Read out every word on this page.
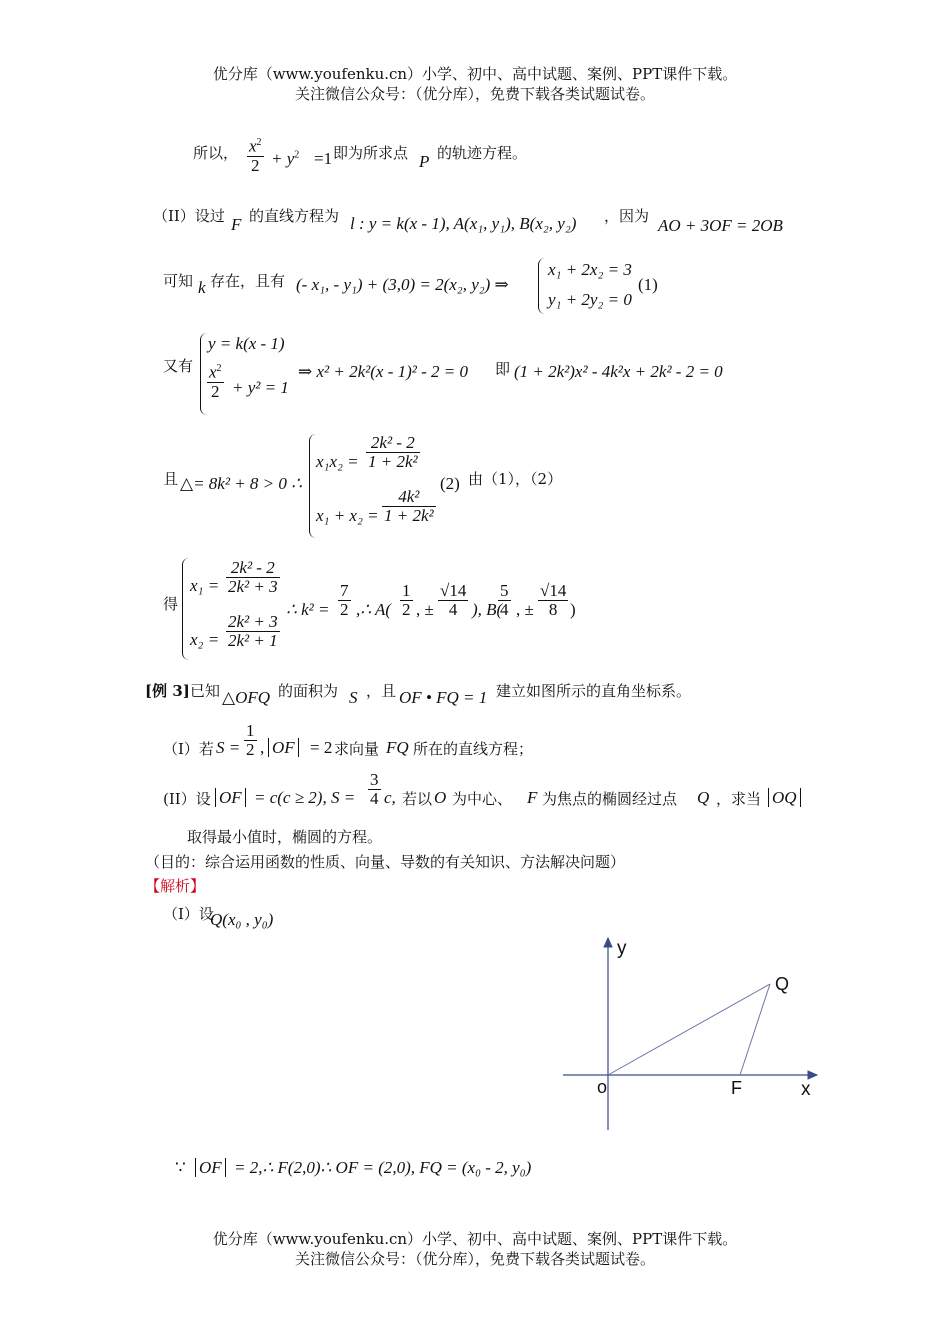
优分库（www.youfenku.cn）小学、初中、高中试题、案例、PPT课件下载。
关注微信公众号：（优分库），免费下载各类试题试卷。
所以， $\frac{x^2}{2} + y^2 =1$ 即为所求点 P 的轨迹方程。
（II）设过 F 的直线方程为 l : y = k(x - 1), A(x₁, y₁), B(x₂, y₂) ，因为 AO + 3OF = 2OB
可知 k 存在，且有 (- x₁, - y₁) + (3,0) = 2(x₂, y₂) ⇒
x₁ + 2x₂ = 3
y₁ + 2y₂ = 0
(1)
又有
y = k(x - 1)
$\frac{x^2}{2} + y^2 = 1$
⇒ x² + 2k²(x - 1)² - 2 = 0 即 (1 + 2k²)x² - 4k²x + 2k² - 2 = 0
且 △= 8k² + 8 > 0 ∴
$x_1x_2 = \frac{\text{2k² - 2}}{\text{1 + 2k²}}$
$x_1 + x_2 = \frac{\text{4k²}}{\text{1 + 2k²}}$
(2) 由（1），（2）
得
$x_1 = \frac{\text{2k² - 2}}{\text{2k² + 3}}$
$x_2 = \frac{\text{2k² + 3}}{\text{2k² + 1}}$
∴ $k^2 = \frac{7}{2}$ ,∴ $A( \frac{1}{2}$ , ± $\frac{√14}{4}$ ), B(
$\frac{5}{4}$ , ± $\frac{√14}{8}$ )
[例 3] 已知 △OFQ 的面积为 S ，且 OF • FQ = 1 建立如图所示的直角坐标系。
（I）若 $S = \frac{1}{2}$ , OF = 2 求向量 FQ 所在的直线方程；
(II）设 OF = c(c ≥ 2), $S = \frac{3}{4} c$, 若以 O 为中心、 F 为焦点的椭圆经过点 Q ，求当 OQ
取得最小值时，椭圆的方程。
（目的：综合运用函数的性质、向量、导数的有关知识、方法解决问题）
【解析】
（I）设
Q(x₀ , y₀)
y
x
Q
o	F
∵ OF = 2,∴ F(2,0)∴ OF = (2,0), FQ = (x₀ - 2, y₀)
优分库（www.youfenku.cn）小学、初中、高中试题、案例、PPT课件下载。
关注微信公众号：（优分库），免费下载各类试题试卷。
